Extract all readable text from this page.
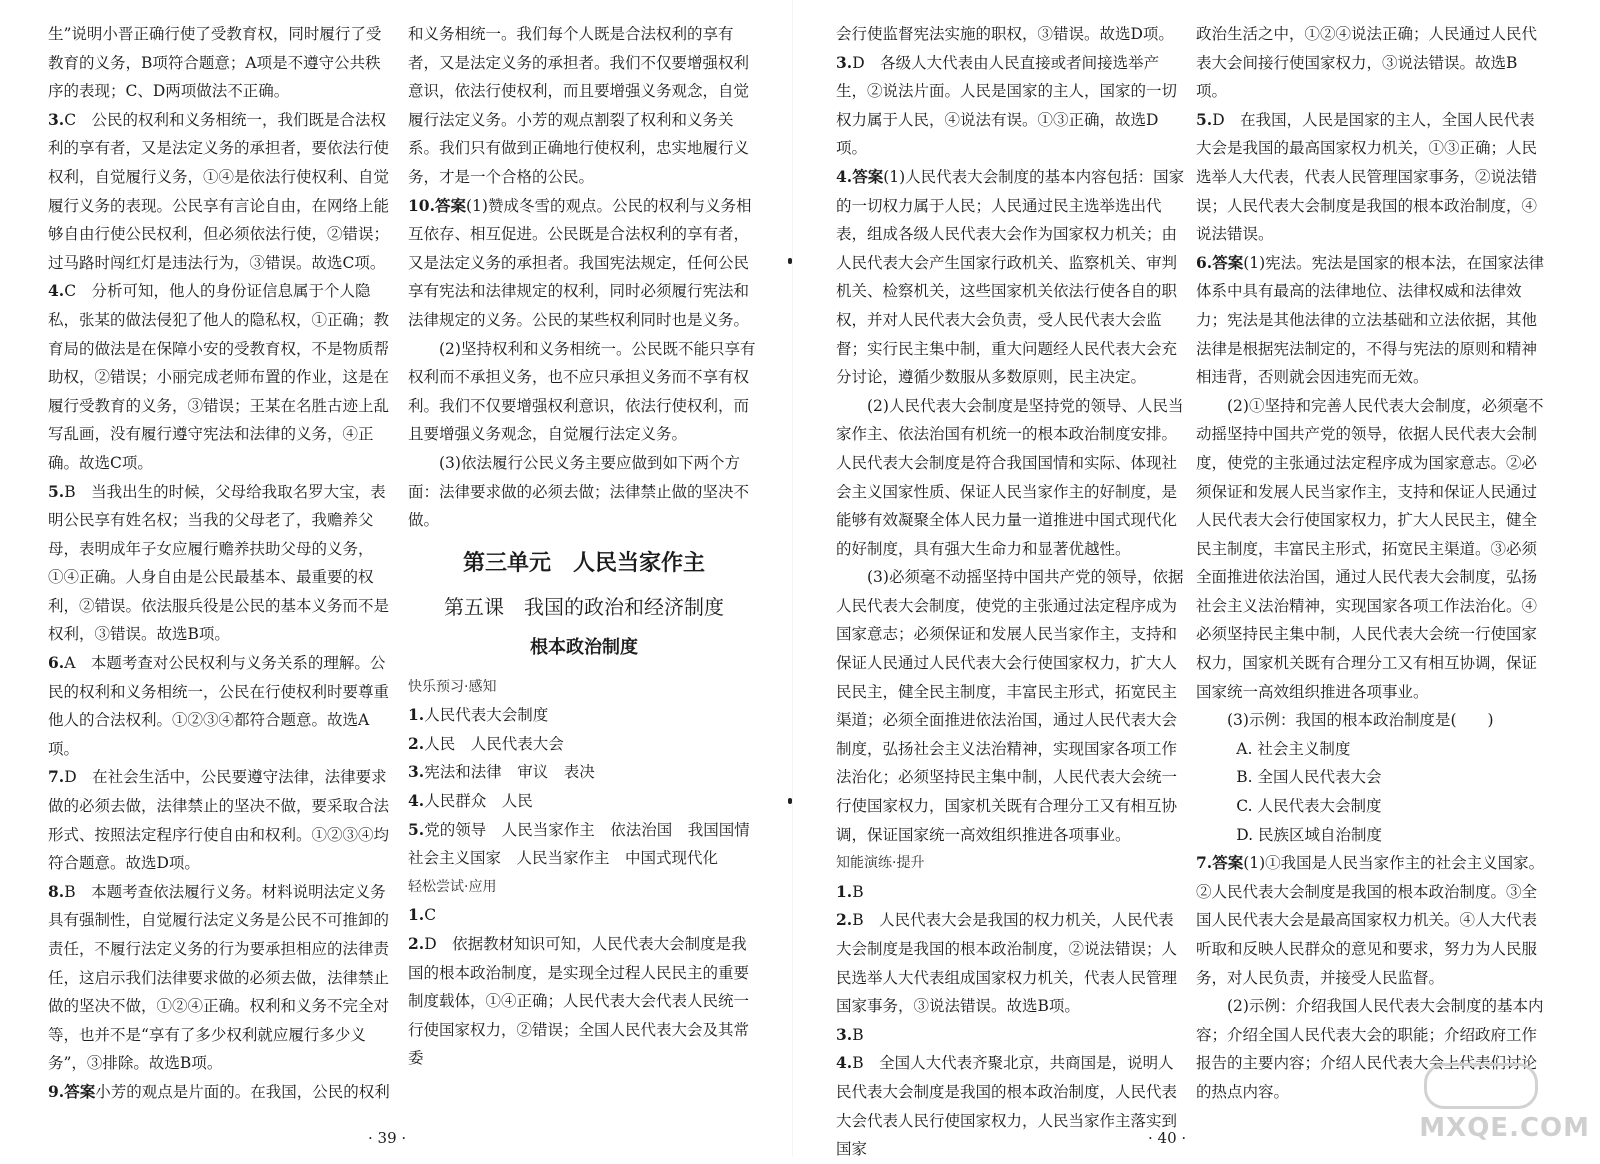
生”说明小晋正确行使了受教育权，同时履行了受教育的义务，B项符合题意；A项是不遵守公共秩序的表现；C、D两项做法不正确。
3.C　公民的权利和义务相统一，我们既是合法权利的享有者，又是法定义务的承担者，要依法行使权利，自觉履行义务，①④是依法行使权利、自觉履行义务的表现。公民享有言论自由，在网络上能够自由行使公民权利，但必须依法行使，②错误；过马路时闯红灯是违法行为，③错误。故选C项。
4.C　分析可知，他人的身份证信息属于个人隐私，张某的做法侵犯了他人的隐私权，①正确；教育局的做法是在保障小安的受教育权，不是物质帮助权，②错误；小丽完成老师布置的作业，这是在履行受教育的义务，③错误；王某在名胜古迹上乱写乱画，没有履行遵守宪法和法律的义务，④正确。故选C项。
5.B　当我出生的时候，父母给我取名罗大宝，表明公民享有姓名权；当我的父母老了，我赡养父母，表明成年子女应履行赡养扶助父母的义务，①④正确。人身自由是公民最基本、最重要的权利，②错误。依法服兵役是公民的基本义务而不是权利，③错误。故选B项。
6.A　本题考查对公民权利与义务关系的理解。公民的权利和义务相统一，公民在行使权利时要尊重他人的合法权利。①②③④都符合题意。故选A项。
7.D　在社会生活中，公民要遵守法律，法律要求做的必须去做，法律禁止的坚决不做，要采取合法形式、按照法定程序行使自由和权利。①②③④均符合题意。故选D项。
8.B　本题考查依法履行义务。材料说明法定义务具有强制性，自觉履行法定义务是公民不可推卸的责任，不履行法定义务的行为要承担相应的法律责任，这启示我们法律要求做的必须去做，法律禁止做的坚决不做，①②④正确。权利和义务不完全对等，也并不是“享有了多少权利就应履行多少义务”，③排除。故选B项。
9.答案小芳的观点是片面的。在我国，公民的权利
和义务相统一。我们每个人既是合法权利的享有者，又是法定义务的承担者。我们不仅要增强权利意识，依法行使权利，而且要增强义务观念，自觉履行法定义务。小芳的观点割裂了权利和义务关系。我们只有做到正确地行使权利，忠实地履行义务，才是一个合格的公民。
10.答案(1)赞成冬雪的观点。公民的权利与义务相互依存、相互促进。公民既是合法权利的享有者，又是法定义务的承担者。我国宪法规定，任何公民享有宪法和法律规定的权利，同时必须履行宪法和法律规定的义务。公民的某些权利同时也是义务。
(2)坚持权利和义务相统一。公民既不能只享有权利而不承担义务，也不应只承担义务而不享有权利。我们不仅要增强权利意识，依法行使权利，而且要增强义务观念，自觉履行法定义务。
(3)依法履行公民义务主要应做到如下两个方面：法律要求做的必须去做；法律禁止做的坚决不做。
第三单元　人民当家作主
第五课　我国的政治和经济制度
根本政治制度
快乐预习·感知
1.人民代表大会制度
2.人民　人民代表大会
3.宪法和法律　审议　表决
4.人民群众　人民
5.党的领导　人民当家作主　依法治国　我国国情　社会主义国家　人民当家作主　中国式现代化
轻松尝试·应用
1.C
2.D　依据教材知识可知，人民代表大会制度是我国的根本政治制度，是实现全过程人民民主的重要制度载体，①④正确；人民代表大会代表人民统一行使国家权力，②错误；全国人民代表大会及其常委
会行使监督宪法实施的职权，③错误。故选D项。
3.D　各级人大代表由人民直接或者间接选举产生，②说法片面。人民是国家的主人，国家的一切权力属于人民，④说法有误。①③正确，故选D项。
4.答案(1)人民代表大会制度的基本内容包括：国家的一切权力属于人民；人民通过民主选举选出代表，组成各级人民代表大会作为国家权力机关；由人民代表大会产生国家行政机关、监察机关、审判机关、检察机关，这些国家机关依法行使各自的职权，并对人民代表大会负责，受人民代表大会监督；实行民主集中制，重大问题经人民代表大会充分讨论，遵循少数服从多数原则，民主决定。
(2)人民代表大会制度是坚持党的领导、人民当家作主、依法治国有机统一的根本政治制度安排。人民代表大会制度是符合我国国情和实际、体现社会主义国家性质、保证人民当家作主的好制度，是能够有效凝聚全体人民力量一道推进中国式现代化的好制度，具有强大生命力和显著优越性。
(3)必须毫不动摇坚持中国共产党的领导，依据人民代表大会制度，使党的主张通过法定程序成为国家意志；必须保证和发展人民当家作主，支持和保证人民通过人民代表大会行使国家权力，扩大人民民主，健全民主制度，丰富民主形式，拓宽民主渠道；必须全面推进依法治国，通过人民代表大会制度，弘扬社会主义法治精神，实现国家各项工作法治化；必须坚持民主集中制，人民代表大会统一行使国家权力，国家机关既有合理分工又有相互协调，保证国家统一高效组织推进各项事业。
知能演练·提升
1.B
2.B　人民代表大会是我国的权力机关，人民代表大会制度是我国的根本政治制度，②说法错误；人民选举人大代表组成国家权力机关，代表人民管理国家事务，③说法错误。故选B项。
3.B
4.B　全国人大代表齐聚北京，共商国是，说明人民代表大会制度是我国的根本政治制度，人民代表大会代表人民行使国家权力，人民当家作主落实到国家
政治生活之中，①②④说法正确；人民通过人民代表大会间接行使国家权力，③说法错误。故选B项。
5.D　在我国，人民是国家的主人，全国人民代表大会是我国的最高国家权力机关，①③正确；人民选举人大代表，代表人民管理国家事务，②说法错误；人民代表大会制度是我国的根本政治制度，④说法错误。
6.答案(1)宪法。宪法是国家的根本法，在国家法律体系中具有最高的法律地位、法律权威和法律效力；宪法是其他法律的立法基础和立法依据，其他法律是根据宪法制定的，不得与宪法的原则和精神相违背，否则就会因违宪而无效。
(2)①坚持和完善人民代表大会制度，必须毫不动摇坚持中国共产党的领导，依据人民代表大会制度，使党的主张通过法定程序成为国家意志。②必须保证和发展人民当家作主，支持和保证人民通过人民代表大会行使国家权力，扩大人民民主，健全民主制度，丰富民主形式，拓宽民主渠道。③必须全面推进依法治国，通过人民代表大会制度，弘扬社会主义法治精神，实现国家各项工作法治化。④必须坚持民主集中制，人民代表大会统一行使国家权力，国家机关既有合理分工又有相互协调，保证国家统一高效组织推进各项事业。
(3)示例：我国的根本政治制度是(　　)
A. 社会主义制度
B. 全国人民代表大会
C. 人民代表大会制度
D. 民族区域自治制度
7.答案(1)①我国是人民当家作主的社会主义国家。②人民代表大会制度是我国的根本政治制度。③全国人民代表大会是最高国家权力机关。④人大代表听取和反映人民群众的意见和要求，努力为人民服务，对人民负责，并接受人民监督。
(2)示例：介绍我国人民代表大会制度的基本内容；介绍全国人民代表大会的职能；介绍政府工作报告的主要内容；介绍人民代表大会上代表们讨论的热点内容。
· 39 ·	· 40 ·	MXQE.COM
